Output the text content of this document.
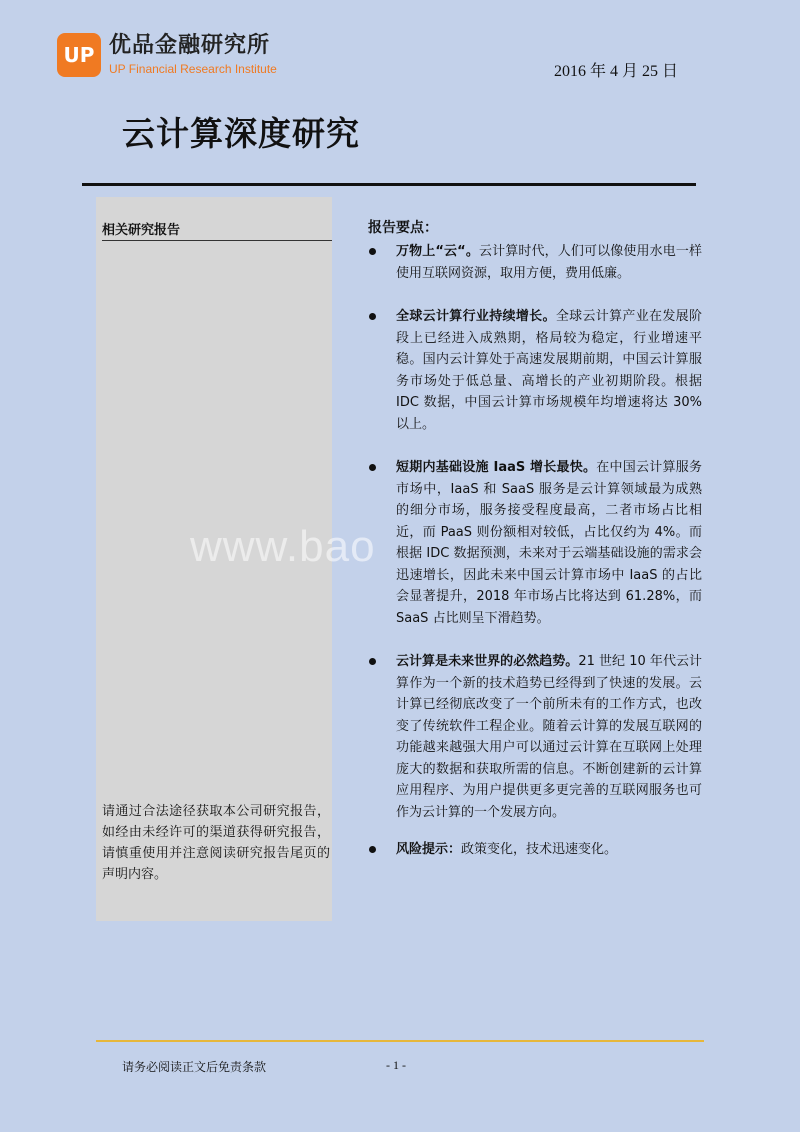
UP 优品金融研究所
UP Financial Research Institute	2016 年 4 月 25 日
云计算深度研究
相关研究报告
请通过合法途径获取本公司研究报告，如经由未经许可的渠道获得研究报告，请慎重使用并注意阅读研究报告尾页的声明内容。
报告要点：
万物上“云“。云计算时代，人们可以像使用水电一样使用互联网资源，取用方便，费用低廉。
全球云计算行业持续增长。全球云计算产业在发展阶段上已经进入成熟期，格局较为稳定，行业增速平稳。国内云计算处于高速发展期前期，中国云计算服务市场处于低总量、高增长的产业初期阶段。根据 IDC 数据，中国云计算市场规模年均增速将达 30%以上。
短期内基础设施 IaaS 增长最快。在中国云计算服务市场中，IaaS 和 SaaS 服务是云计算领域最为成熟的细分市场，服务接受程度最高，二者市场占比相近，而 PaaS 则份额相对较低，占比仅约为 4%。而根据 IDC 数据预测，未来对于云端基础设施的需求会迅速增长，因此未来中国云计算市场中 IaaS 的占比会显著提升，2018 年市场占比将达到 61.28%，而 SaaS 占比则呈下滑趋势。
云计算是未来世界的必然趋势。21 世纪 10 年代云计算作为一个新的技术趋势已经得到了快速的发展。云计算已经彻底改变了一个前所未有的工作方式，也改变了传统软件工程企业。随着云计算的发展互联网的功能越来越强大用户可以通过云计算在互联网上处理庞大的数据和获取所需的信息。不断创建新的云计算应用程序、为用户提供更多更完善的互联网服务也可作为云计算的一个发展方向。
风险提示：政策变化，技术迅速变化。
www.bao
请务必阅读正文后免责条款	- 1 -
